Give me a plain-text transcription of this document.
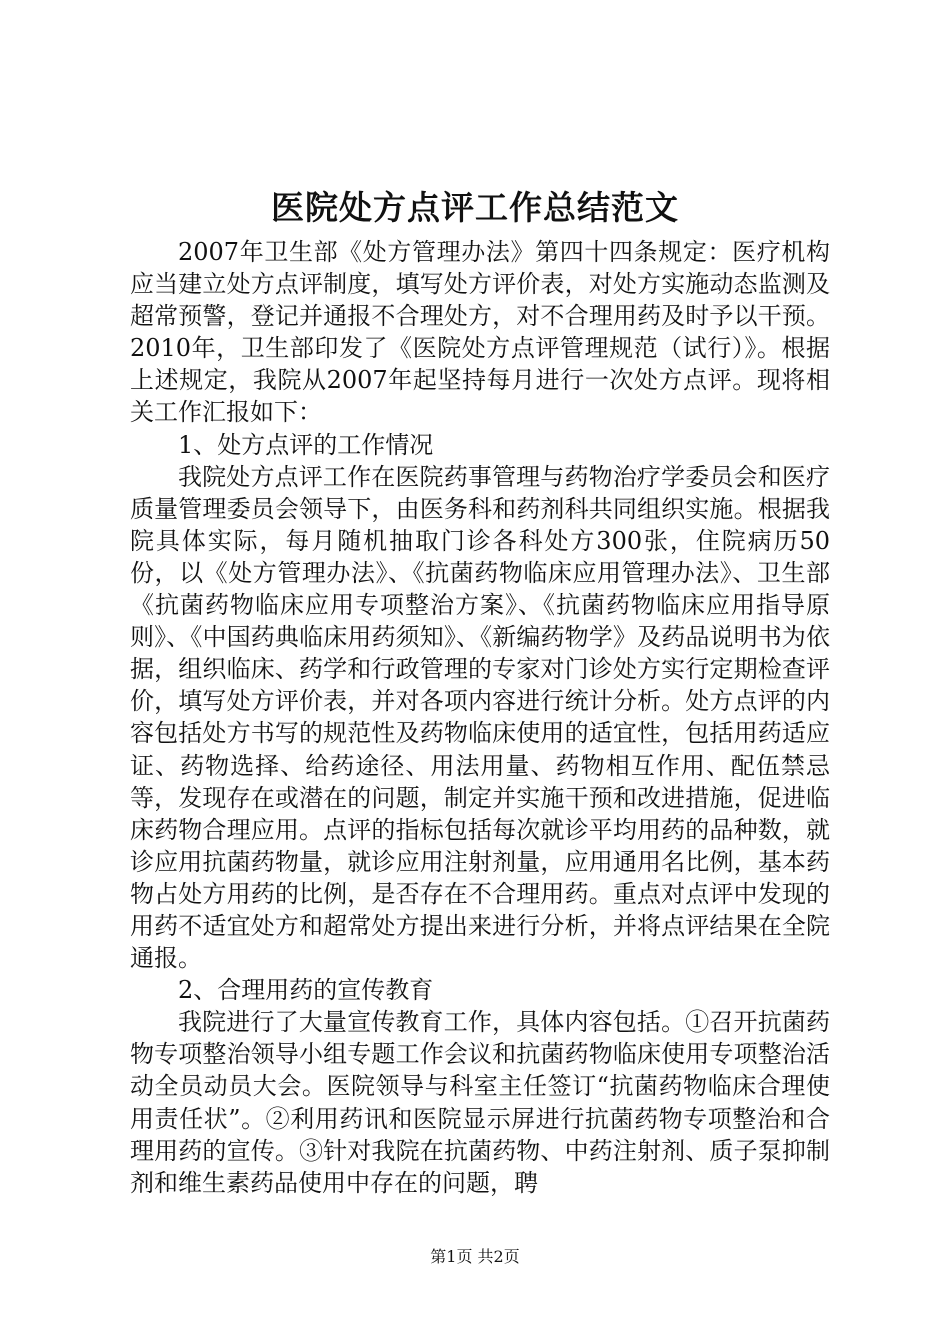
医院处方点评工作总结范文

2007年卫生部《处方管理办法》第四十四条规定：医疗机构应当建立处方点评制度，填写处方评价表，对处方实施动态监测及超常预警，登记并通报不合理处方，对不合理用药及时予以干预。2010年，卫生部印发了《医院处方点评管理规范（试行）》。根据上述规定，我院从2007年起坚持每月进行一次处方点评。现将相关工作汇报如下：

1、处方点评的工作情况

我院处方点评工作在医院药事管理与药物治疗学委员会和医疗质量管理委员会领导下，由医务科和药剂科共同组织实施。根据我院具体实际，每月随机抽取门诊各科处方300张，住院病历50份，以《处方管理办法》、《抗菌药物临床应用管理办法》、卫生部《抗菌药物临床应用专项整治方案》、《抗菌药物临床应用指导原则》、《中国药典临床用药须知》、《新编药物学》及药品说明书为依据，组织临床、药学和行政管理的专家对门诊处方实行定期检查评价，填写处方评价表，并对各项内容进行统计分析。处方点评的内容包括处方书写的规范性及药物临床使用的适宜性，包括用药适应证、药物选择、给药途径、用法用量、药物相互作用、配伍禁忌等，发现存在或潜在的问题，制定并实施干预和改进措施，促进临床药物合理应用。点评的指标包括每次就诊平均用药的品种数，就诊应用抗菌药物量，就诊应用注射剂量，应用通用名比例，基本药物占处方用药的比例，是否存在不合理用药。重点对点评中发现的用药不适宜处方和超常处方提出来进行分析，并将点评结果在全院通报。

2、合理用药的宣传教育

我院进行了大量宣传教育工作，具体内容包括。①召开抗菌药物专项整治领导小组专题工作会议和抗菌药物临床使用专项整治活动全员动员大会。医院领导与科室主任签订“抗菌药物临床合理使用责任状”。②利用药讯和医院显示屏进行抗菌药物专项整治和合理用药的宣传。③针对我院在抗菌药物、中药注射剂、质子泵抑制剂和维生素药品使用中存在的问题，聘

第1页 共2页
